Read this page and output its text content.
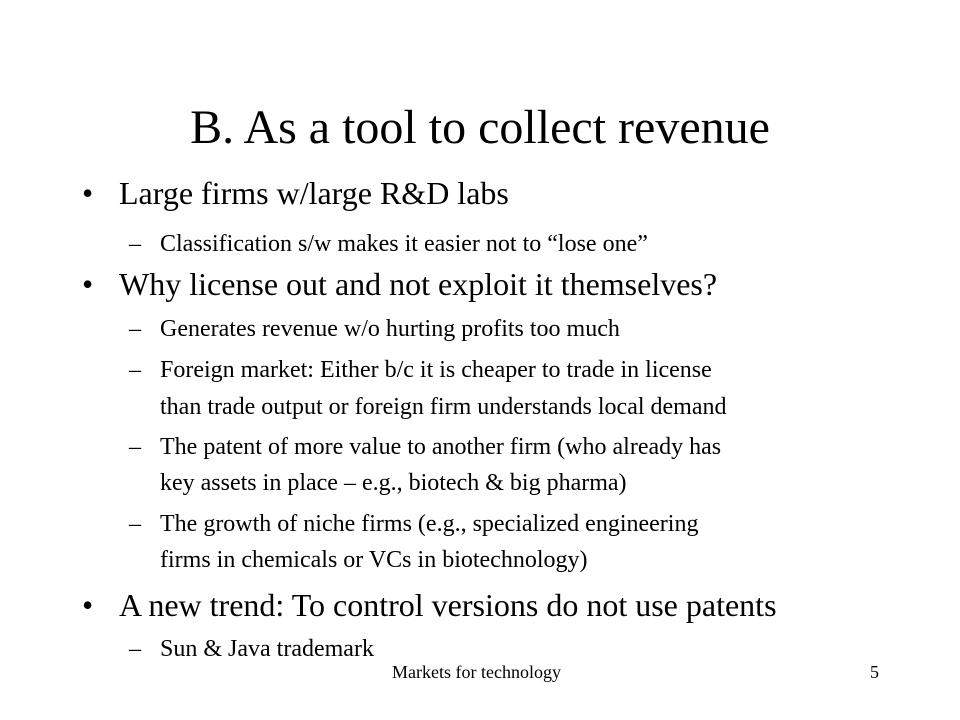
B. As a tool to collect revenue
• Large firms w/large R&D labs
– Classification s/w makes it easier not to “lose one”
• Why license out and not exploit it themselves?
– Generates revenue w/o hurting profits too much
– Foreign market: Either b/c it is cheaper to trade in license
than trade output or foreign firm understands local demand
– The patent of more value to another firm (who already has
key assets in place – e.g., biotech & big pharma)
– The growth of niche firms (e.g., specialized engineering
firms in chemicals or VCs in biotechnology)
• A new trend: To control versions do not use patents
– Sun & Java trademark
Markets for technology	5
